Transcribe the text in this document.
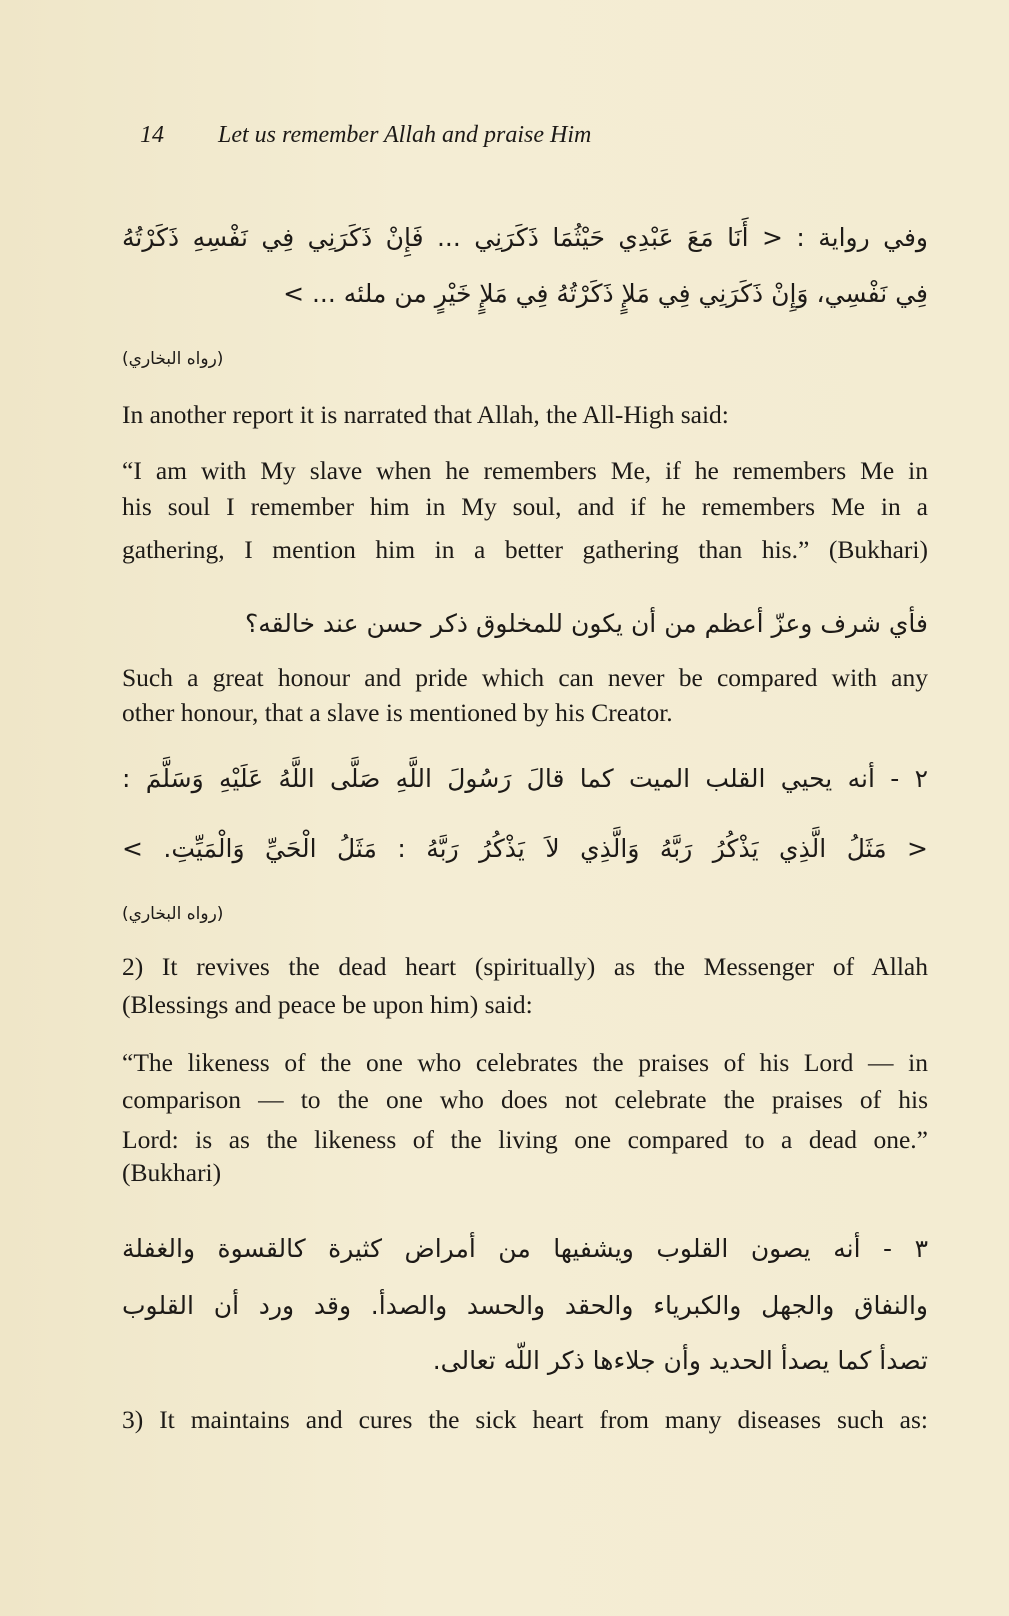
14 Let us remember Allah and praise Him
وفي رواية : < أَنَا مَعَ عَبْدِي حَيْثُمَا ذَكَرَنِي ... فَإِنْ ذَكَرَنِي فِي نَفْسِهِ ذَكَرْتُهُ
فِي نَفْسِي، وَإِنْ ذَكَرَنِي فِي مَلإٍ ذَكَرْتُهُ فِي مَلإٍ خَيْرٍ من ملئه ... >
(رواه البخاري)
In another report it is narrated that Allah, the All-High said:
“I am with My slave when he remembers Me, if he remembers Me in
his soul I remember him in My soul, and if he remembers Me in a
gathering, I mention him in a better gathering than his.” (Bukhari)
فأي شرف وعزّ أعظم من أن يكون للمخلوق ذكر حسن عند خالقه؟
Such a great honour and pride which can never be compared with any
other honour, that a slave is mentioned by his Creator.
٢ - أنه يحيي القلب الميت كما قالَ رَسُولَ اللَّهِ صَلَّى اللَّهُ عَلَيْهِ وَسَلَّمَ :
< مَثَلُ الَّذِي يَذْكُرُ رَبَّهُ وَالَّذِي لاَ يَذْكُرُ رَبَّهُ : مَثَلُ الْحَيِّ وَالْمَيِّتِ. >
(رواه البخاري)
2) It revives the dead heart (spiritually) as the Messenger of Allah
(Blessings and peace be upon him) said:
“The likeness of the one who celebrates the praises of his Lord — in
comparison — to the one who does not celebrate the praises of his
Lord: is as the likeness of the living one compared to a dead one.”
(Bukhari)
٣ - أنه يصون القلوب ويشفيها من أمراض كثيرة كالقسوة والغفلة
والنفاق والجهل والكبرياء والحقد والحسد والصدأ. وقد ورد أن القلوب
تصدأ كما يصدأ الحديد وأن جلاءها ذكر اللّه تعالى.
3) It maintains and cures the sick heart from many diseases such as:
